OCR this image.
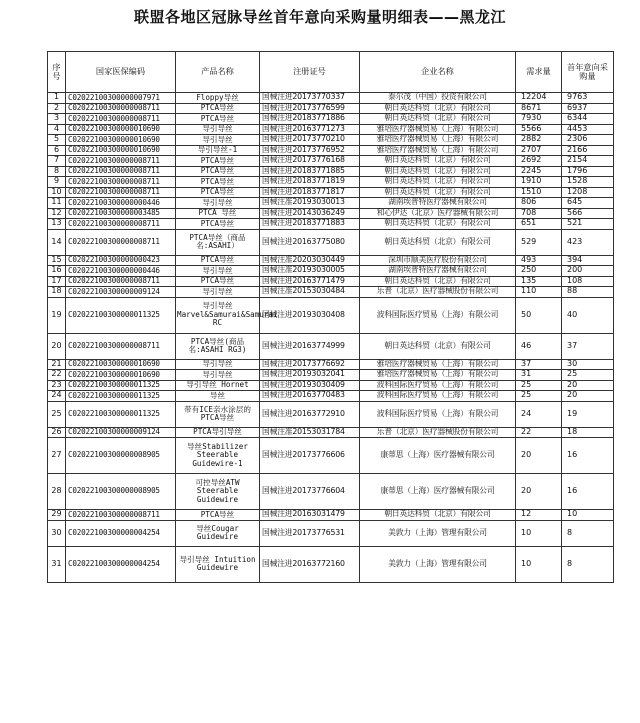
联盟各地区冠脉导丝首年意向采购量明细表——黑龙江
序号	国家医保编码	产品名称	注册证号	企业名称	需求量	首年意向采购量
1	C02022100300000007971	Floppy导丝	国械注进20173770337	泰尔茂（中国）投资有限公司	12204	9763
2	C02022100300000008711	PTCA导丝	国械注进20173776599	朝日英达科贸（北京）有限公司	8671	6937
3	C02022100300000008711	PTCA导丝	国械注进20183771886	朝日英达科贸（北京）有限公司	7930	6344
4	C02022100300000010690	导引导丝	国械注进20163771273	雅培医疗器械贸易（上海）有限公司	5566	4453
5	C02022100300000010690	导引导丝	国械注进20173770210	雅培医疗器械贸易（上海）有限公司	2882	2306
6	C02022100300000010690	导引导丝-1	国械注进20173776952	雅培医疗器械贸易（上海）有限公司	2707	2166
7	C02022100300000008711	PTCA导丝	国械注进20173776168	朝日英达科贸（北京）有限公司	2692	2154
8	C02022100300000008711	PTCA导丝	国械注进20183771885	朝日英达科贸（北京）有限公司	2245	1796
9	C02022100300000008711	PTCA导丝	国械注进20183771819	朝日英达科贸（北京）有限公司	1910	1528
10	C02022100300000008711	PTCA导丝	国械注进20183771817	朝日英达科贸（北京）有限公司	1510	1208
11	C02022100300000000446	导引导丝	国械注准20193030013	湖南埃普特医疗器械有限公司	806	645
12	C02022100300000003485	PTCA 导丝	国械注进20143036249	和心伊达（北京）医疗器械有限公司	708	566
13	C02022100300000008711	PTCA导丝	国械注进20183771883	朝日英达科贸（北京）有限公司	651	521
14	C02022100300000008711	PTCA导丝（商品名:ASAHI）	国械注进20163775080	朝日英达科贸（北京）有限公司	529	423
15	C02022100300000000423	PTCA导丝	国械注准20203030449	深圳市顺美医疗股份有限公司	493	394
16	C02022100300000000446	导引导丝	国械注准20193030005	湖南埃普特医疗器械有限公司	250	200
17	C02022100300000008711	PTCA导丝	国械注进20163771479	朝日英达科贸（北京）有限公司	135	108
18	C02022100300000009124	导引导丝	国械注准20153030484	乐普（北京）医疗器械股份有限公司	110	88
19	C02022100300000011325	导引导丝 Marvel&Samurai&Samurai RC	国械注进20193030408	波科国际医疗贸易（上海）有限公司	50	40
20	C02022100300000008711	PTCA导丝(商品名:ASAHI RG3)	国械注进20163774999	朝日英达科贸（北京）有限公司	46	37
21	C02022100300000010690	导引导丝	国械注进20173776692	雅培医疗器械贸易（上海）有限公司	37	30
22	C02022100300000010690	导引导丝	国械注进20193032041	雅培医疗器械贸易（上海）有限公司	31	25
23	C02022100300000011325	导引导丝 Hornet	国械注进20193030409	波科国际医疗贸易（上海）有限公司	25	20
24	C02022100300000011325	导丝	国械注进20163770483	波科国际医疗贸易（上海）有限公司	25	20
25	C02022100300000011325	带有ICE亲水涂层的PTCA导丝	国械注进20163772910	波科国际医疗贸易（上海）有限公司	24	19
26	C02022100300000009124	PTCA导引导丝	国械注准20153031784	乐普（北京）医疗器械股份有限公司	22	18
27	C02022100300000008905	导丝Stabilizer Steerable Guidewire-1	国械注进20173776606	康蒂思（上海）医疗器械有限公司	20	16
28	C02022100300000008905	可控导丝ATW Steerable Guidewire	国械注进20173776604	康蒂思（上海）医疗器械有限公司	20	16
29	C02022100300000008711	PTCA导丝	国械注进20163031479	朝日英达科贸（北京）有限公司	12	10
30	C02022100300000004254	导丝Cougar Guidewire	国械注进20173776531	美敦力（上海）管理有限公司	10	8
31	C02022100300000004254	导引导丝 Intuition Guidewire	国械注进20163772160	美敦力（上海）管理有限公司	10	8
